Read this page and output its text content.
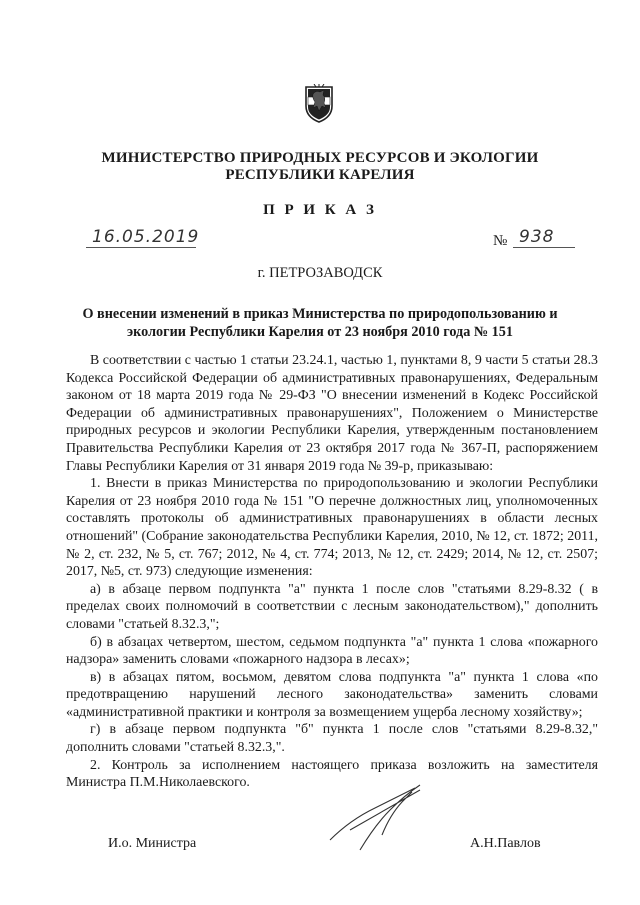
МИНИСТЕРСТВО ПРИРОДНЫХ РЕСУРСОВ И ЭКОЛОГИИ
РЕСПУБЛИКИ КАРЕЛИЯ
П Р И К А З
16.05.2019	№ 938
г. ПЕТРОЗАВОДСК
О внесении изменений в приказ Министерства по природопользованию и экологии Республики Карелия от 23 ноября 2010 года № 151

В соответствии с частью 1 статьи 23.24.1, частью 1, пунктами 8, 9 части 5 статьи 28.3 Кодекса Российской Федерации об административных правонарушениях, Федеральным законом от 18 марта 2019 года № 29-ФЗ "О внесении изменений в Кодекс Российской Федерации об административных правонарушениях", Положением о Министерстве природных ресурсов и экологии Республики Карелия, утвержденным постановлением Правительства Республики Карелия от 23 октября 2017 года № 367-П, распоряжением Главы Республики Карелия от 31 января 2019 года № 39-р, приказываю:

1. Внести в приказ Министерства по природопользованию и экологии Республики Карелия от 23 ноября 2010 года № 151 "О перечне должностных лиц, уполномоченных составлять протоколы об административных правонарушениях в области лесных отношений" (Собрание законодательства Республики Карелия, 2010, № 12, ст. 1872; 2011, № 2, ст. 232, № 5, ст. 767; 2012, № 4, ст. 774; 2013, № 12, ст. 2429; 2014, № 12, ст. 2507; 2017, №5, ст. 973) следующие изменения:

а) в абзаце первом подпункта "а" пункта 1 после слов "статьями 8.29-8.32 ( в пределах своих полномочий в соответствии с лесным законодательством)," дополнить словами "статьей 8.32.3,";

б) в абзацах четвертом, шестом, седьмом подпункта "а" пункта 1 слова «пожарного надзора» заменить словами «пожарного надзора в лесах»;

в) в абзацах пятом, восьмом, девятом слова подпункта "а" пункта 1 слова «по предотвращению нарушений лесного законодательства» заменить словами «административной практики и контроля за возмещением ущерба лесному хозяйству»;

г) в абзаце первом подпункта "б" пункта 1 после слов "статьями 8.29-8.32," дополнить словами "статьей 8.32.3,".

2. Контроль за исполнением настоящего приказа возложить на заместителя Министра П.М.Николаевского.

И.о. Министра	А.Н.Павлов
